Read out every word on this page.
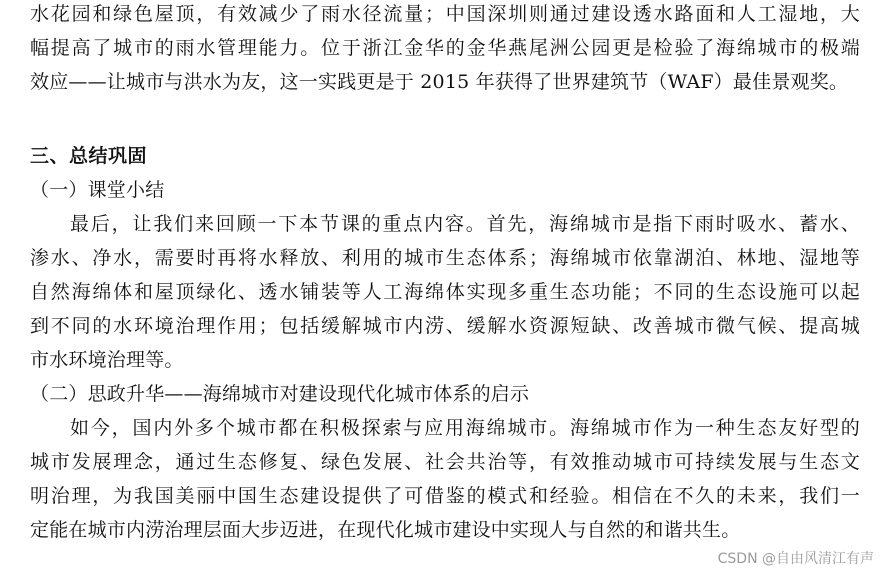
水花园和绿色屋顶，有效减少了雨水径流量；中国深圳则通过建设透水路面和人工湿地，大
幅提高了城市的雨水管理能力。位于浙江金华的金华燕尾洲公园更是检验了海绵城市的极端
效应——让城市与洪水为友，这一实践更是于 2015 年获得了世界建筑节（WAF）最佳景观奖。
三、总结巩固
（一）课堂小结
最后，让我们来回顾一下本节课的重点内容。首先，海绵城市是指下雨时吸水、蓄水、
渗水、净水，需要时再将水释放、利用的城市生态体系；海绵城市依靠湖泊、林地、湿地等
自然海绵体和屋顶绿化、透水铺装等人工海绵体实现多重生态功能；不同的生态设施可以起
到不同的水环境治理作用；包括缓解城市内涝、缓解水资源短缺、改善城市微气候、提高城
市水环境治理等。
（二）思政升华——海绵城市对建设现代化城市体系的启示
如今，国内外多个城市都在积极探索与应用海绵城市。海绵城市作为一种生态友好型的
城市发展理念，通过生态修复、绿色发展、社会共治等，有效推动城市可持续发展与生态文
明治理，为我国美丽中国生态建设提供了可借鉴的模式和经验。相信在不久的未来，我们一
定能在城市内涝治理层面大步迈进，在现代化城市建设中实现人与自然的和谐共生。
CSDN @自由风清江有声
